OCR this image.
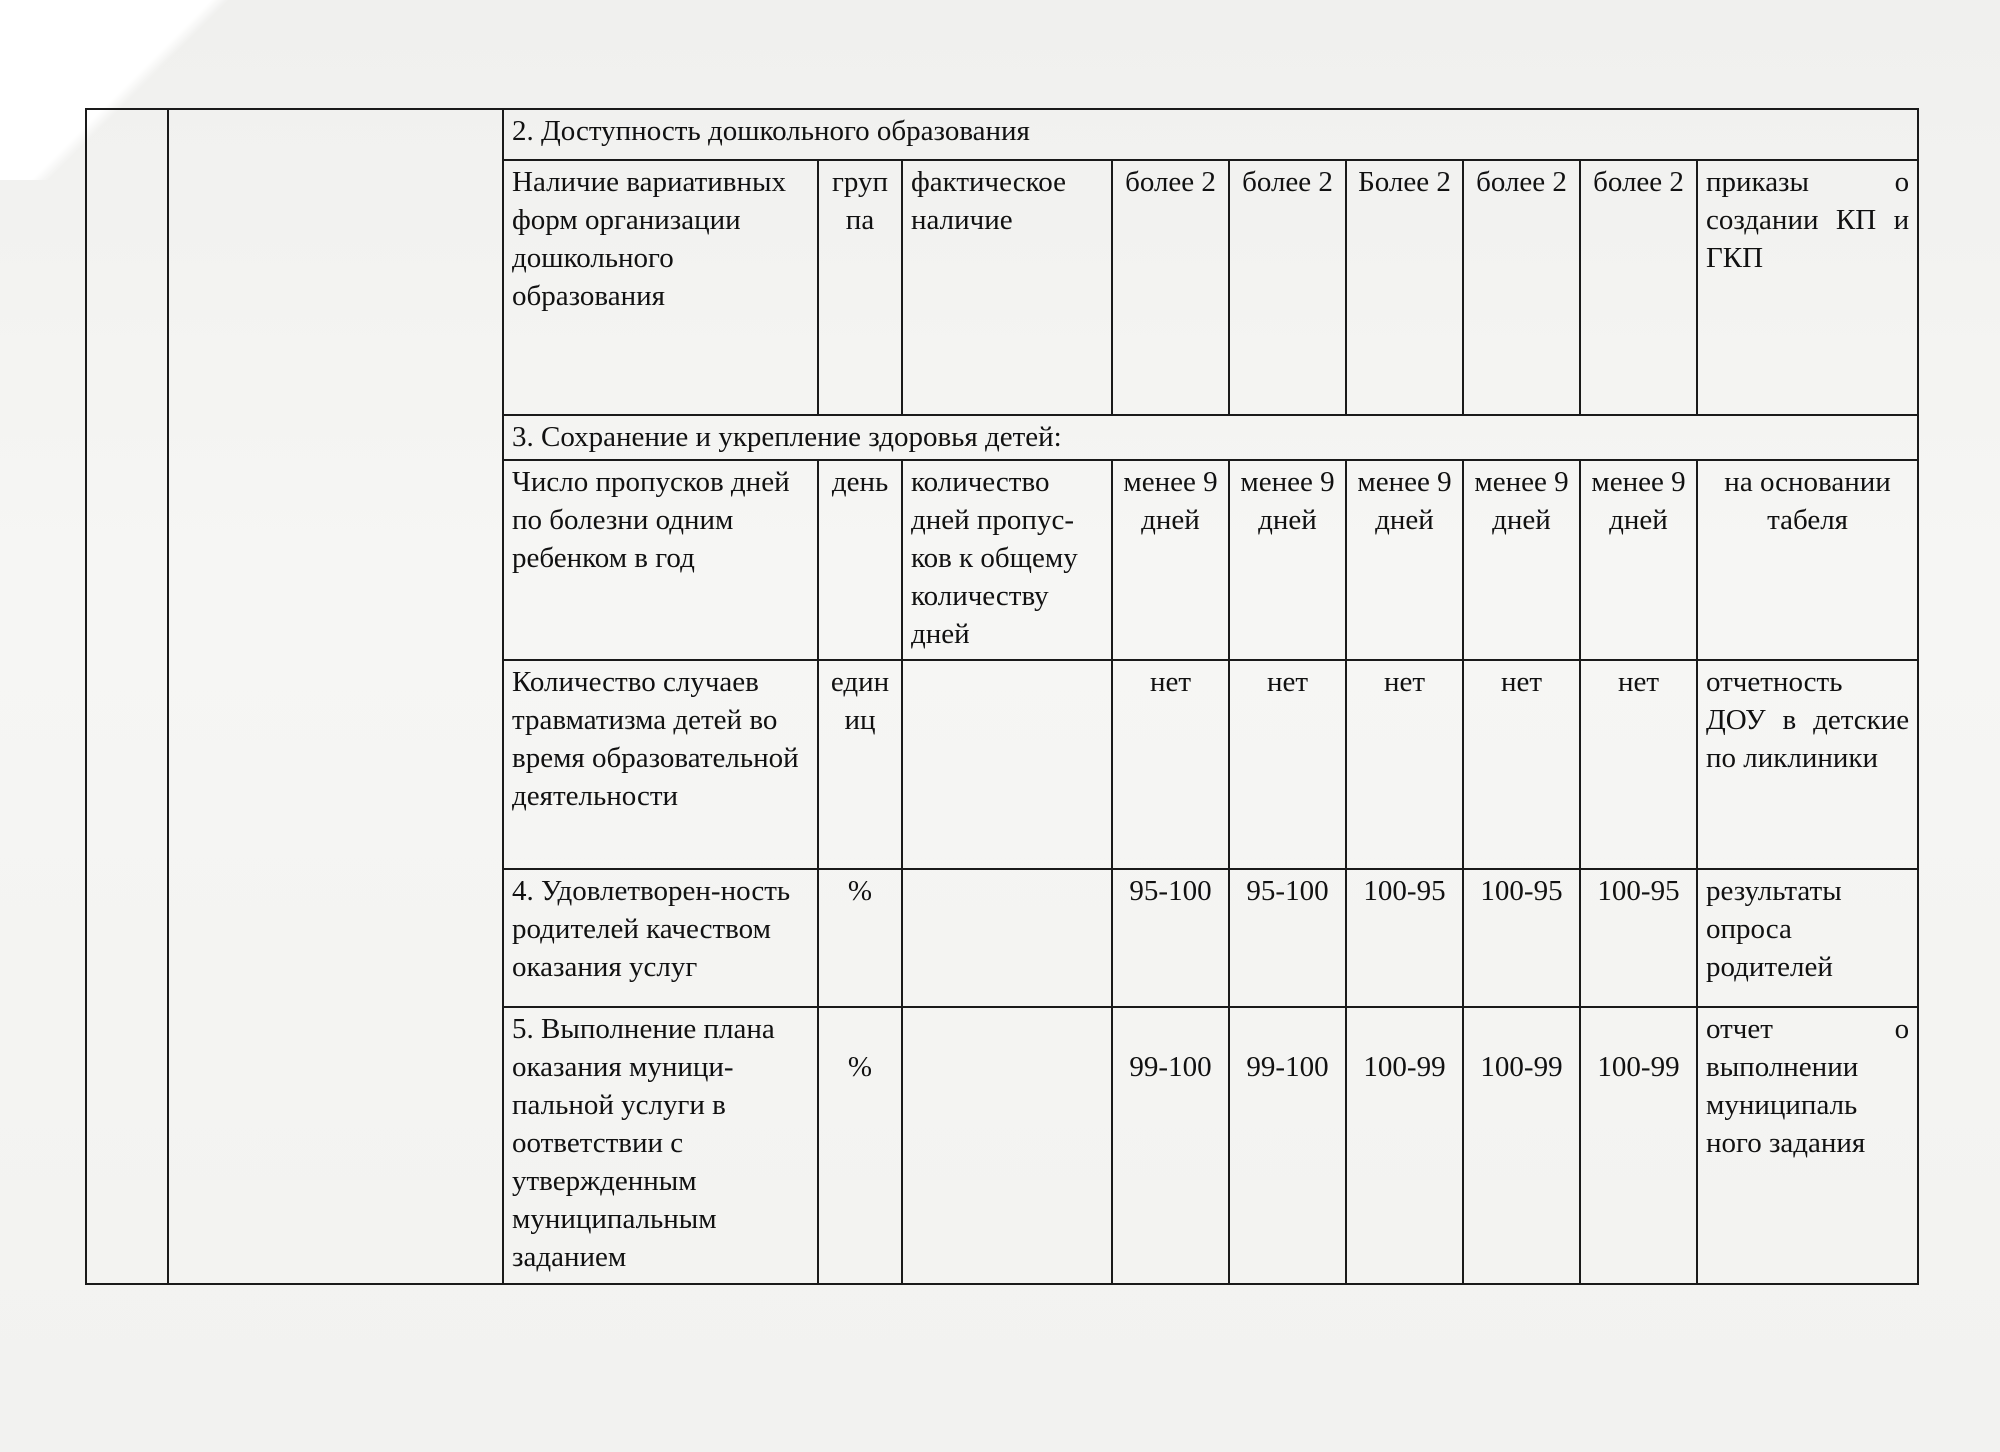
		2. Доступность дошкольного образования								
		Наличие вариативных форм организации дошкольного образования	груп па	фактическое наличие	более 2	более 2	Более 2	более 2	более 2	приказы о создании КП и ГКП
		3. Сохранение и укрепление здоровья детей:								
		Число пропусков дней по болезни одним ребенком в год	день	количество дней пропус-ков к общему количеству дней	менее 9 дней	менее 9 дней	менее 9 дней	менее 9 дней	менее 9 дней	на основании табеля
		Количество случаев травматизма детей во время образовательной деятельности	един иц		нет	нет	нет	нет	нет	отчетность ДОУ в детские по ликлиники
		4. Удовлетворен-ность родителей качеством оказания услуг	%		95-100	95-100	100-95	100-95	100-95	результаты опроса родителей
		5. Выполнение плана оказания муници-пальной услуги в оответствии с утвержденным муниципальным заданием	%		99-100	99-100	100-99	100-99	100-99	отчет о выполнении муниципаль ного задания
